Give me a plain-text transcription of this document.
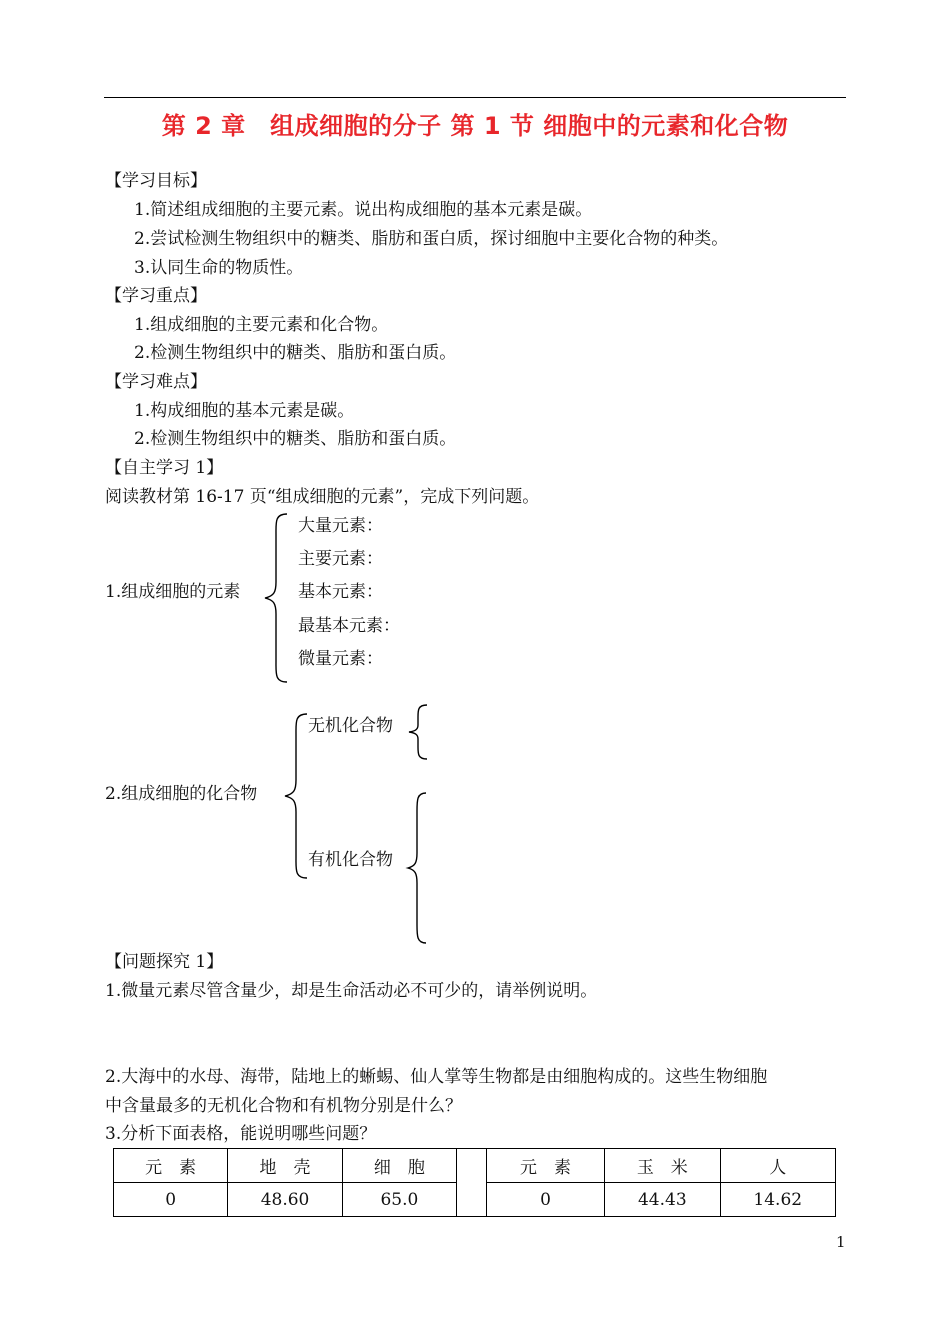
第 2 章　组成细胞的分子 第 1 节 细胞中的元素和化合物
【学习目标】
1.简述组成细胞的主要元素。说出构成细胞的基本元素是碳。
2.尝试检测生物组织中的糖类、脂肪和蛋白质，探讨细胞中主要化合物的种类。
3.认同生命的物质性。
【学习重点】
1.组成细胞的主要元素和化合物。
2.检测生物组织中的糖类、脂肪和蛋白质。
【学习难点】
1.构成细胞的基本元素是碳。
2.检测生物组织中的糖类、脂肪和蛋白质。
【自主学习 1】
阅读教材第 16-17 页“组成细胞的元素”，完成下列问题。
1.组成细胞的元素
大量元素：
主要元素：
基本元素：
最基本元素：
微量元素：
2.组成细胞的化合物
无机化合物
有机化合物
【问题探究 1】
1.微量元素尽管含量少，却是生命活动必不可少的，请举例说明。
2.大海中的水母、海带，陆地上的蜥蜴、仙人掌等生物都是由细胞构成的。这些生物细胞
中含量最多的无机化合物和有机物分别是什么？
3.分析下面表格，能说明哪些问题？
元　素	地　壳	细　胞		元　素	玉　米	人
0	48.60	65.0		0	44.43	14.62
1
